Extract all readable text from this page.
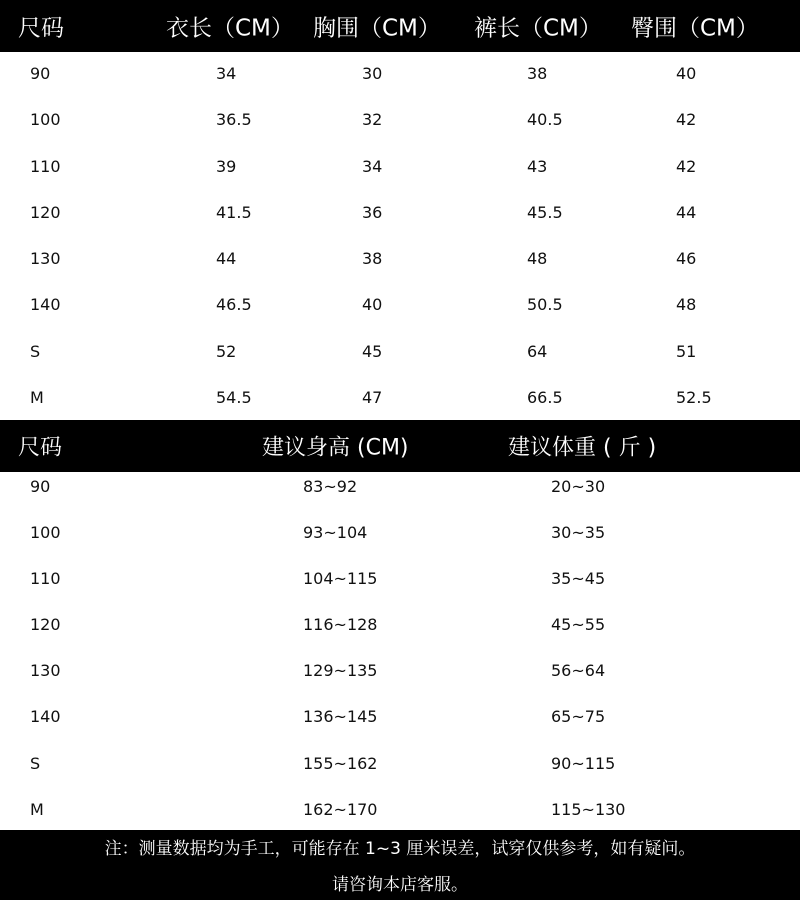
尺码	衣长（CM） 胸围（CM） 裤长（CM） 臀围（CM）
90	34	30	38	40
100	36.5	32	40.5	42
110	39	34	43	42
120	41.5	36	45.5	44
130	44	38	48	46
140	46.5	40	50.5	48
S	52	45	64	51
M	54.5	47	66.5	52.5
尺码	建议身高 (CM)	建议体重 ( 斤 )
90	83~92	20~30
100	93~104	30~35
110	104~115	35~45
120	116~128	45~55
130	129~135	56~64
140	136~145	65~75
S	155~162	90~115
M	162~170	115~130
注：测量数据均为手工，可能存在 1~3 厘米误差，试穿仅供参考，如有疑问。
请咨询本店客服。
